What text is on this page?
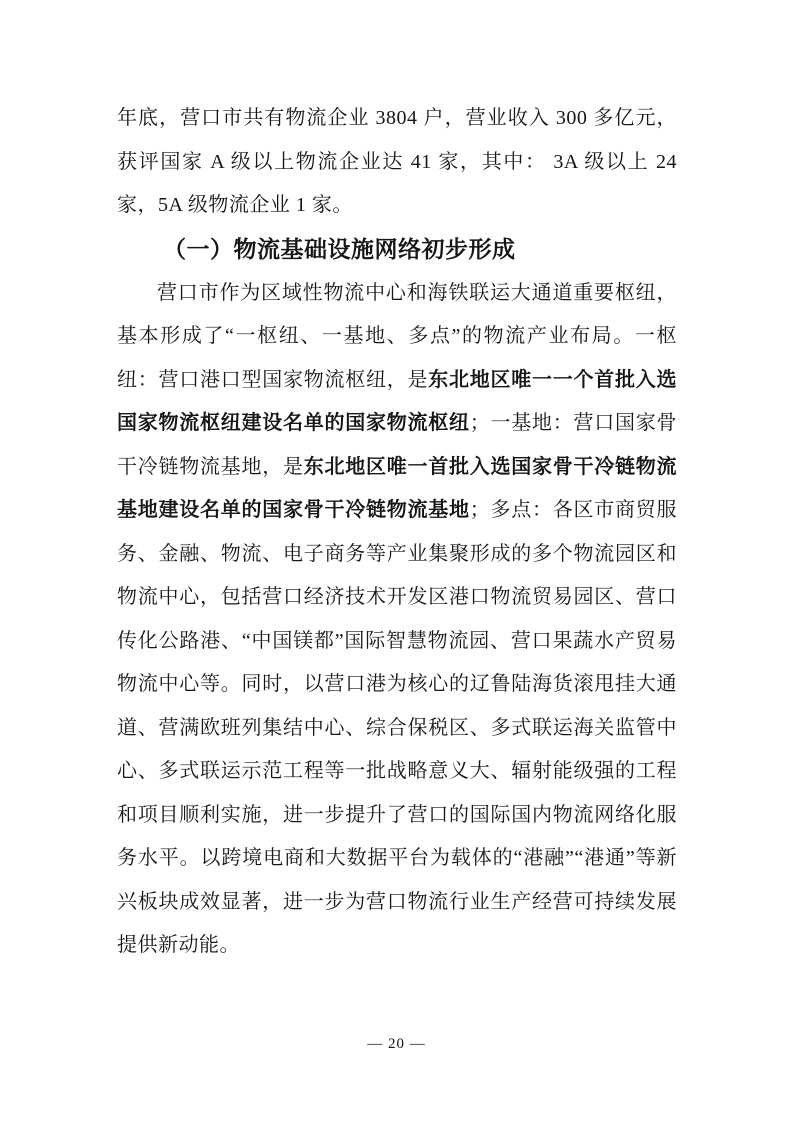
年底，营口市共有物流企业 3804 户，营业收入 300 多亿元，获评国家 A 级以上物流企业达 41 家，其中： 3A 级以上 24 家，5A 级物流企业 1 家。

（一）物流基础设施网络初步形成

营口市作为区域性物流中心和海铁联运大通道重要枢纽，基本形成了“一枢纽、一基地、多点”的物流产业布局。一枢纽：营口港口型国家物流枢纽，是东北地区唯一一个首批入选国家物流枢纽建设名单的国家物流枢纽；一基地：营口国家骨干冷链物流基地，是东北地区唯一首批入选国家骨干冷链物流基地建设名单的国家骨干冷链物流基地；多点：各区市商贸服务、金融、物流、电子商务等产业集聚形成的多个物流园区和物流中心，包括营口经济技术开发区港口物流贸易园区、营口传化公路港、“中国镁都”国际智慧物流园、营口果蔬水产贸易物流中心等。同时，以营口港为核心的辽鲁陆海货滚甩挂大通道、营满欧班列集结中心、综合保税区、多式联运海关监管中心、多式联运示范工程等一批战略意义大、辐射能级强的工程和项目顺利实施，进一步提升了营口的国际国内物流网络化服务水平。以跨境电商和大数据平台为载体的“港融”“港通”等新兴板块成效显著，进一步为营口物流行业生产经营可持续发展提供新动能。

— 20 —
